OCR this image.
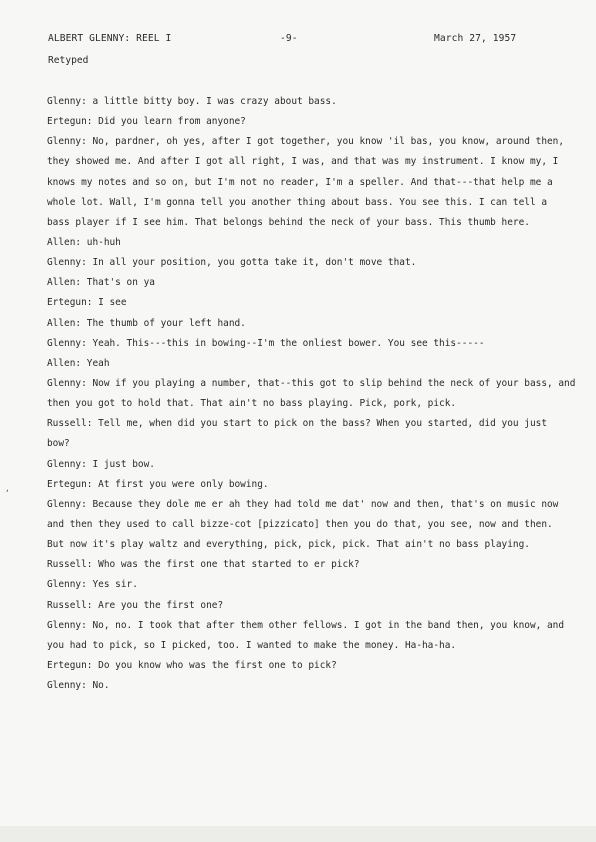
ALBERT GLENNY: REEL I	-9-	March 27, 1957
Retyped
Glenny: a little bitty boy. I was crazy about bass.
Ertegun: Did you learn from anyone?
Glenny: No, pardner, oh yes, after I got together, you know 'il bas, you know, around then,
they showed me. And after I got all right, I was, and that was my instrument. I know my, I
knows my notes and so on, but I'm not no reader, I'm a speller. And that---that help me a
whole lot. Wall, I'm gonna tell you another thing about bass. You see this. I can tell a
bass player if I see him. That belongs behind the neck of your bass. This thumb here.
Allen: uh-huh
Glenny: In all your position, you gotta take it, don't move that.
Allen: That's on ya
Ertegun: I see
Allen: The thumb of your left hand.
Glenny: Yeah. This---this in bowing--I'm the onliest bower. You see this-----
Allen: Yeah
Glenny: Now if you playing a number, that--this got to slip behind the neck of your bass, and
then you got to hold that. That ain't no bass playing. Pick, pork, pick.
Russell: Tell me, when did you start to pick on the bass? When you started, did you just
bow?
Glenny: I just bow.
Ertegun: At first you were only bowing.
Glenny: Because they dole me er ah they had told me dat' now and then, that's on music now
and then they used to call bizze-cot [pizzicato] then you do that, you see, now and then.
But now it's play waltz and everything, pick, pick, pick. That ain't no bass playing.
Russell: Who was the first one that started to er pick?
Glenny: Yes sir.
Russell: Are you the first one?
Glenny: No, no. I took that after them other fellows. I got in the band then, you know, and
you had to pick, so I picked, too. I wanted to make the money. Ha-ha-ha.
Ertegun: Do you know who was the first one to pick?
Glenny: No.
,
